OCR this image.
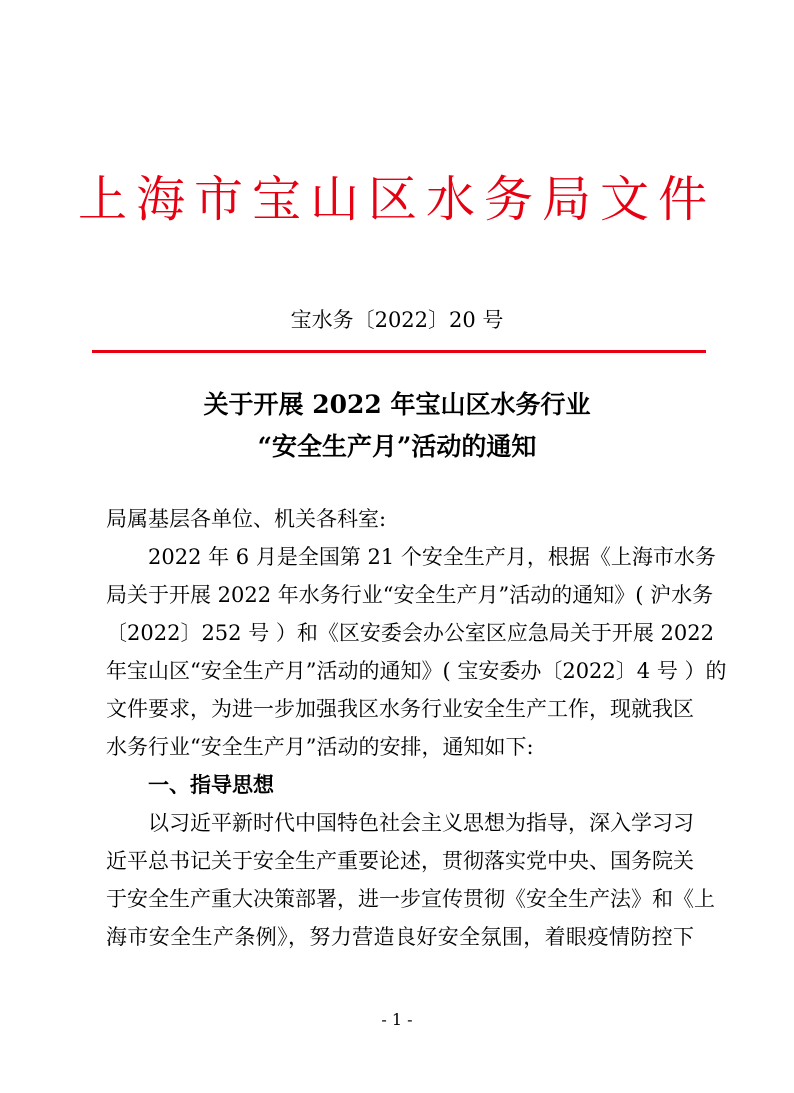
上海市宝山区水务局文件
宝水务〔2022〕20 号
关于开展 2022 年宝山区水务行业
“安全生产月”活动的通知
局属基层各单位、机关各科室:
2022 年 6 月是全国第 21 个安全生产月，根据《上海市水务
局关于开展 2022 年水务行业“安全生产月”活动的通知》( 沪水务
〔2022〕252 号 ）和《区安委会办公室区应急局关于开展 2022
年宝山区“安全生产月”活动的通知》( 宝安委办〔2022〕4 号 ）的
文件要求，为进一步加强我区水务行业安全生产工作，现就我区
水务行业“安全生产月”活动的安排，通知如下:
一、指导思想
以习近平新时代中国特色社会主义思想为指导，深入学习习
近平总书记关于安全生产重要论述，贯彻落实党中央、国务院关
于安全生产重大决策部署，进一步宣传贯彻《安全生产法》和《上
海市安全生产条例》，努力营造良好安全氛围，着眼疫情防控下
- 1 -
